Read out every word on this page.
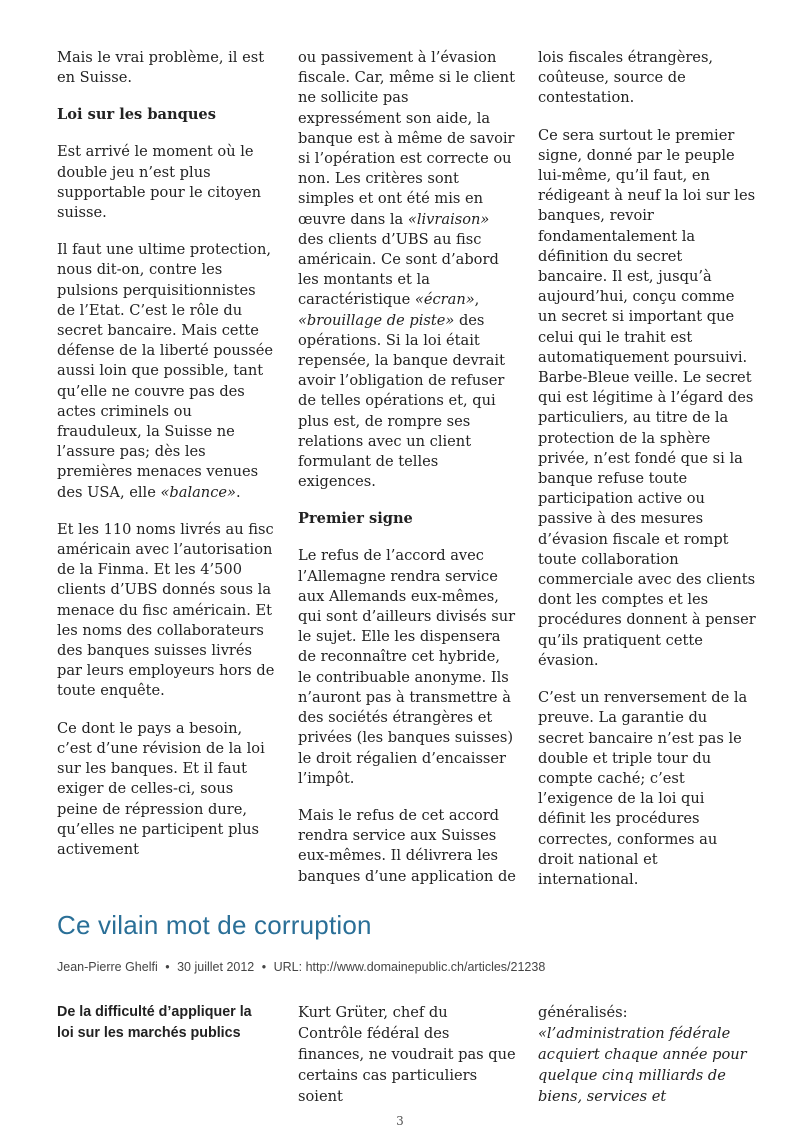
Mais le vrai problème, il est en Suisse.

Loi sur les banques

Est arrivé le moment où le double jeu n’est plus supportable pour le citoyen suisse.

Il faut une ultime protection, nous dit-on, contre les pulsions perquisitionnistes de l’Etat. C’est le rôle du secret bancaire. Mais cette défense de la liberté poussée aussi loin que possible, tant qu’elle ne couvre pas des actes criminels ou frauduleux, la Suisse ne l’assure pas; dès les premières menaces venues des USA, elle «balance».

Et les 110 noms livrés au fisc américain avec l’autorisation de la Finma. Et les 4’500 clients d’UBS donnés sous la menace du fisc américain. Et les noms des collaborateurs des banques suisses livrés par leurs employeurs hors de toute enquête.

Ce dont le pays a besoin, c’est d’une révision de la loi sur les banques. Et il faut exiger de celles-ci, sous peine de répression dure, qu’elles ne participent plus activement

ou passivement à l’évasion fiscale. Car, même si le client ne sollicite pas expressément son aide, la banque est à même de savoir si l’opération est correcte ou non. Les critères sont simples et ont été mis en œuvre dans la «livraison» des clients d’UBS au fisc américain. Ce sont d’abord les montants et la caractéristique «écran», «brouillage de piste» des opérations. Si la loi était repensée, la banque devrait avoir l’obligation de refuser de telles opérations et, qui plus est, de rompre ses relations avec un client formulant de telles exigences.

Premier signe

Le refus de l’accord avec l’Allemagne rendra service aux Allemands eux-mêmes, qui sont d’ailleurs divisés sur le sujet. Elle les dispensera de reconnaître cet hybride, le contribuable anonyme. Ils n’auront pas à transmettre à des sociétés étrangères et privées (les banques suisses) le droit régalien d’encaisser l’impôt.

Mais le refus de cet accord rendra service aux Suisses eux-mêmes. Il délivrera les banques d’une application de

lois fiscales étrangères, coûteuse, source de contestation.

Ce sera surtout le premier signe, donné par le peuple lui-même, qu’il faut, en rédigeant à neuf la loi sur les banques, revoir fondamentalement la définition du secret bancaire. Il est, jusqu’à aujourd’hui, conçu comme un secret si important que celui qui le trahit est automatiquement poursuivi. Barbe-Bleue veille. Le secret qui est légitime à l’égard des particuliers, au titre de la protection de la sphère privée, n’est fondé que si la banque refuse toute participation active ou passive à des mesures d’évasion fiscale et rompt toute collaboration commerciale avec des clients dont les comptes et les procédures donnent à penser qu’ils pratiquent cette évasion.

C’est un renversement de la preuve. La garantie du secret bancaire n’est pas le double et triple tour du compte caché; c’est l’exigence de la loi qui définit les procédures correctes, conformes au droit national et international.

Ce vilain mot de corruption
Jean-Pierre Ghelfi • 30 juillet 2012 • URL: http://www.domainepublic.ch/articles/21238
De la difficulté d’appliquer la loi sur les marchés publics
Kurt Grüter, chef du Contrôle fédéral des finances, ne voudrait pas que certains cas particuliers soient
généralisés: «l’administration fédérale acquiert chaque année pour quelque cinq milliards de biens, services et
3
